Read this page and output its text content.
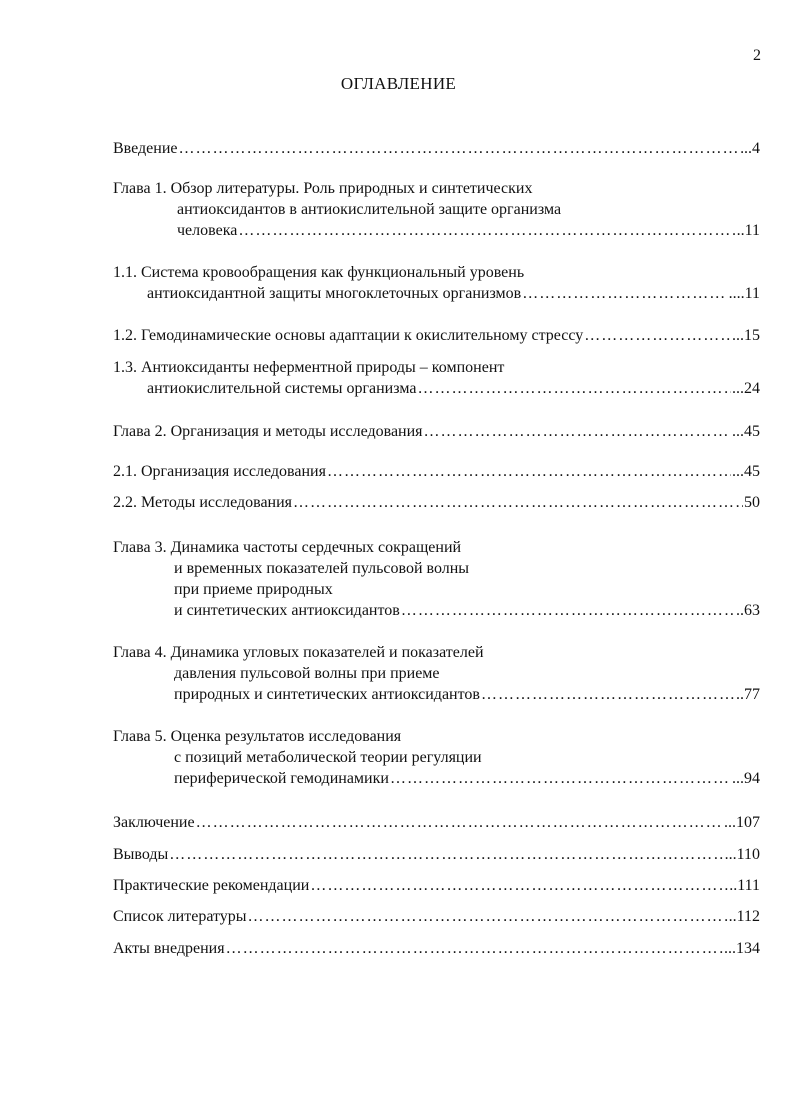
2
ОГЛАВЛЕНИЕ
Введение ……………………………………………………………………………………………………………………………………………………	..4
Глава 1. Обзор литературы. Роль природных и синтетических
антиоксидантов в антиокислительной защите организма
человека ……………………………………………………………………………………………………………………………………………………	..11
1.1. Система кровообращения как функциональный уровень
антиоксидантной защиты многоклеточных организмов ……………………………………………………………………………………………………………………………………………………	....11
1.2. Гемодинамические основы адаптации к окислительному стрессу ……………………………………………………………………………………………………………………………………………………	...15
1.3. Антиоксиданты неферментной природы – компонент
антиокислительной системы организма ……………………………………………………………………………………………………………………………………………………	...24
Глава 2. Организация и методы исследования ……………………………………………………………………………………………………………………………………………………	...45
2.1. Организация исследования ……………………………………………………………………………………………………………………………………………………	...45
2.2. Методы исследования ……………………………………………………………………………………………………………………………………………………	50
Глава 3. Динамика частоты сердечных сокращений
и временных показателей пульсовой волны
при приеме природных
и синтетических антиоксидантов ……………………………………………………………………………………………………………………………………………………	..63
Глава 4. Динамика угловых показателей и показателей
давления пульсовой волны при приеме
природных и синтетических антиоксидантов ……………………………………………………………………………………………………………………………………………………	..77
Глава 5. Оценка результатов исследования
с позиций метаболической теории регуляции
периферической гемодинамики ……………………………………………………………………………………………………………………………………………………	...94
Заключение ……………………………………………………………………………………………………………………………………………………	...107
Выводы ……………………………………………………………………………………………………………………………………………………	..110
Практические рекомендации ……………………………………………………………………………………………………………………………………………………	..111
Список литературы ……………………………………………………………………………………………………………………………………………………	..112
Акты внедрения ……………………………………………………………………………………………………………………………………………………	...134
